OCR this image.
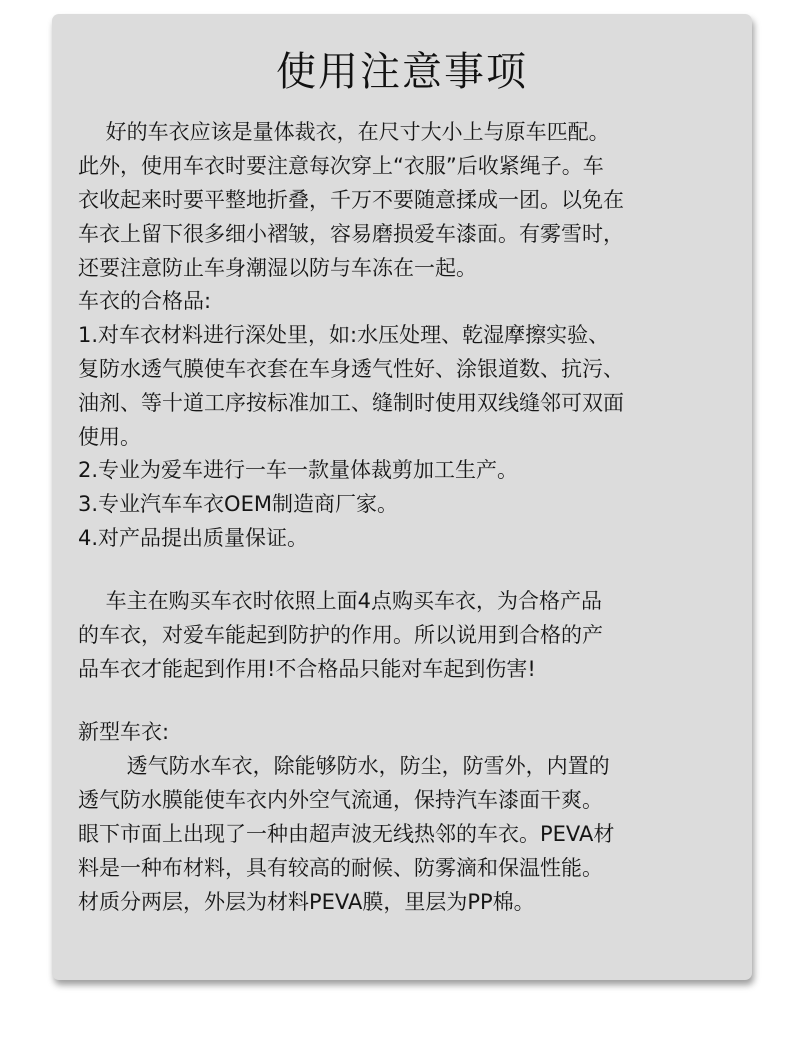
使用注意事项
　 好的车衣应该是量体裁衣，在尺寸大小上与原车匹配。
此外，使用车衣时要注意每次穿上“衣服”后收紧绳子。车
衣收起来时要平整地折叠，千万不要随意揉成一团。以免在
车衣上留下很多细小褶皱，容易磨损爱车漆面。有雾雪时，
还要注意防止车身潮湿以防与车冻在一起。
车衣的合格品:
1.对车衣材料进行深处里，如:水压处理、乾湿摩擦实验、
复防水透气膜使车衣套在车身透气性好、涂银道数、抗污、
油剂、等十道工序按标准加工、缝制时使用双线缝邻可双面
使用。
2.专业为爱车进行一车一款量体裁剪加工生产。
3.专业汽车车衣OEM制造商厂家。
4.对产品提出质量保证。
　 车主在购买车衣时依照上面4点购买车衣，为合格产品
的车衣，对爱车能起到防护的作用。所以说用到合格的产
品车衣才能起到作用!不合格品只能对车起到伤害!
新型车衣:
　 　透气防水车衣，除能够防水，防尘，防雪外，内置的
透气防水膜能使车衣内外空气流通，保持汽车漆面干爽。
眼下市面上出现了一种由超声波无线热邻的车衣。PEVA材
料是一种布材料，具有较高的耐候、防雾滴和保温性能。
材质分两层，外层为材料PEVA膜，里层为PP棉。
